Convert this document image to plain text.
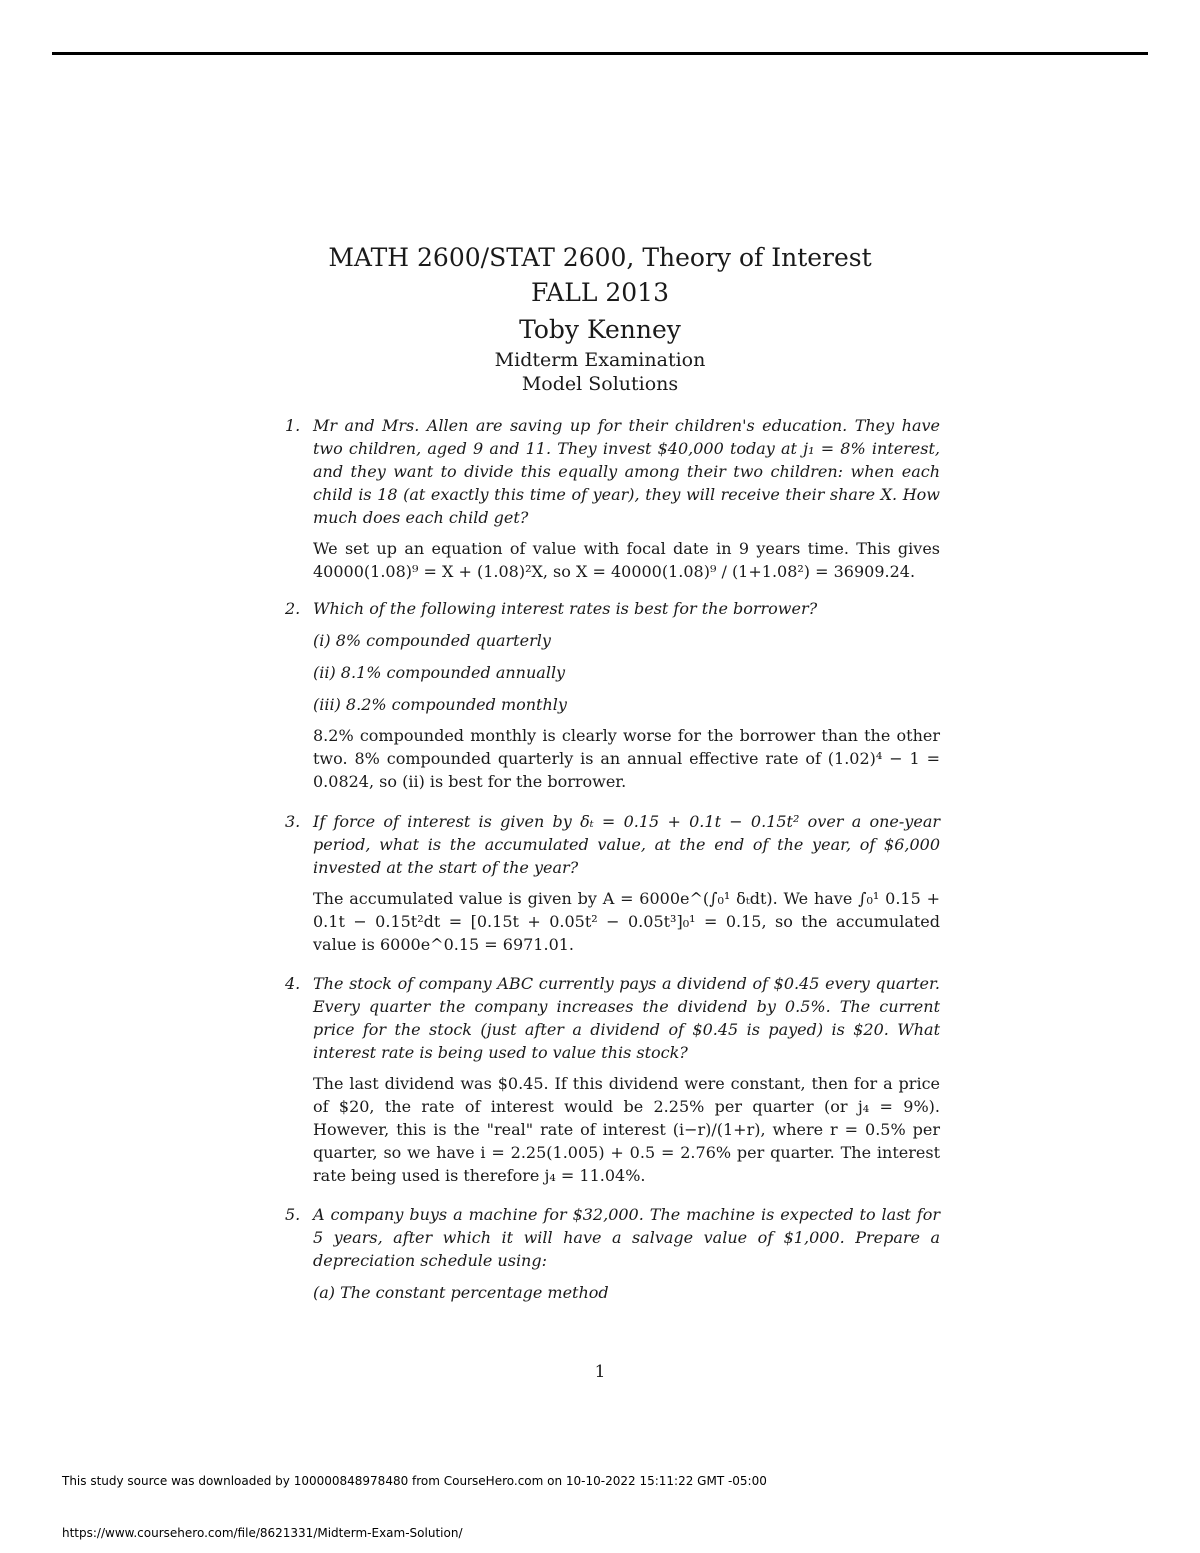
MATH 2600/STAT 2600, Theory of Interest
FALL 2013
Toby Kenney
Midterm Examination
Model Solutions
1. Mr and Mrs. Allen are saving up for their children's education. They have two children, aged 9 and 11. They invest $40,000 today at j₁ = 8% interest, and they want to divide this equally among their two children: when each child is 18 (at exactly this time of year), they will receive their share X. How much does each child get?
We set up an equation of value with focal date in 9 years time. This gives 40000(1.08)⁹ = X + (1.08)²X, so X = 40000(1.08)⁹ / (1+1.08²) = 36909.24.
2. Which of the following interest rates is best for the borrower?
(i) 8% compounded quarterly
(ii) 8.1% compounded annually
(iii) 8.2% compounded monthly
8.2% compounded monthly is clearly worse for the borrower than the other two. 8% compounded quarterly is an annual effective rate of (1.02)⁴ − 1 = 0.0824, so (ii) is best for the borrower.
3. If force of interest is given by δₜ = 0.15 + 0.1t − 0.15t² over a one-year period, what is the accumulated value, at the end of the year, of $6,000 invested at the start of the year?
The accumulated value is given by A = 6000e^(∫₀¹ δₜdt). We have ∫₀¹ 0.15 + 0.1t − 0.15t²dt = [0.15t + 0.05t² − 0.05t³]₀¹ = 0.15, so the accumulated value is 6000e^0.15 = 6971.01.
4. The stock of company ABC currently pays a dividend of $0.45 every quarter. Every quarter the company increases the dividend by 0.5%. The current price for the stock (just after a dividend of $0.45 is payed) is $20. What interest rate is being used to value this stock?
The last dividend was $0.45. If this dividend were constant, then for a price of $20, the rate of interest would be 2.25% per quarter (or j₄ = 9%). However, this is the "real" rate of interest (i−r)/(1+r), where r = 0.5% per quarter, so we have i = 2.25(1.005) + 0.5 = 2.76% per quarter. The interest rate being used is therefore j₄ = 11.04%.
5. A company buys a machine for $32,000. The machine is expected to last for 5 years, after which it will have a salvage value of $1,000. Prepare a depreciation schedule using:
(a) The constant percentage method
1
This study source was downloaded by 100000848978480 from CourseHero.com on 10-10-2022 15:11:22 GMT -05:00
https://www.coursehero.com/file/8621331/Midterm-Exam-Solution/
